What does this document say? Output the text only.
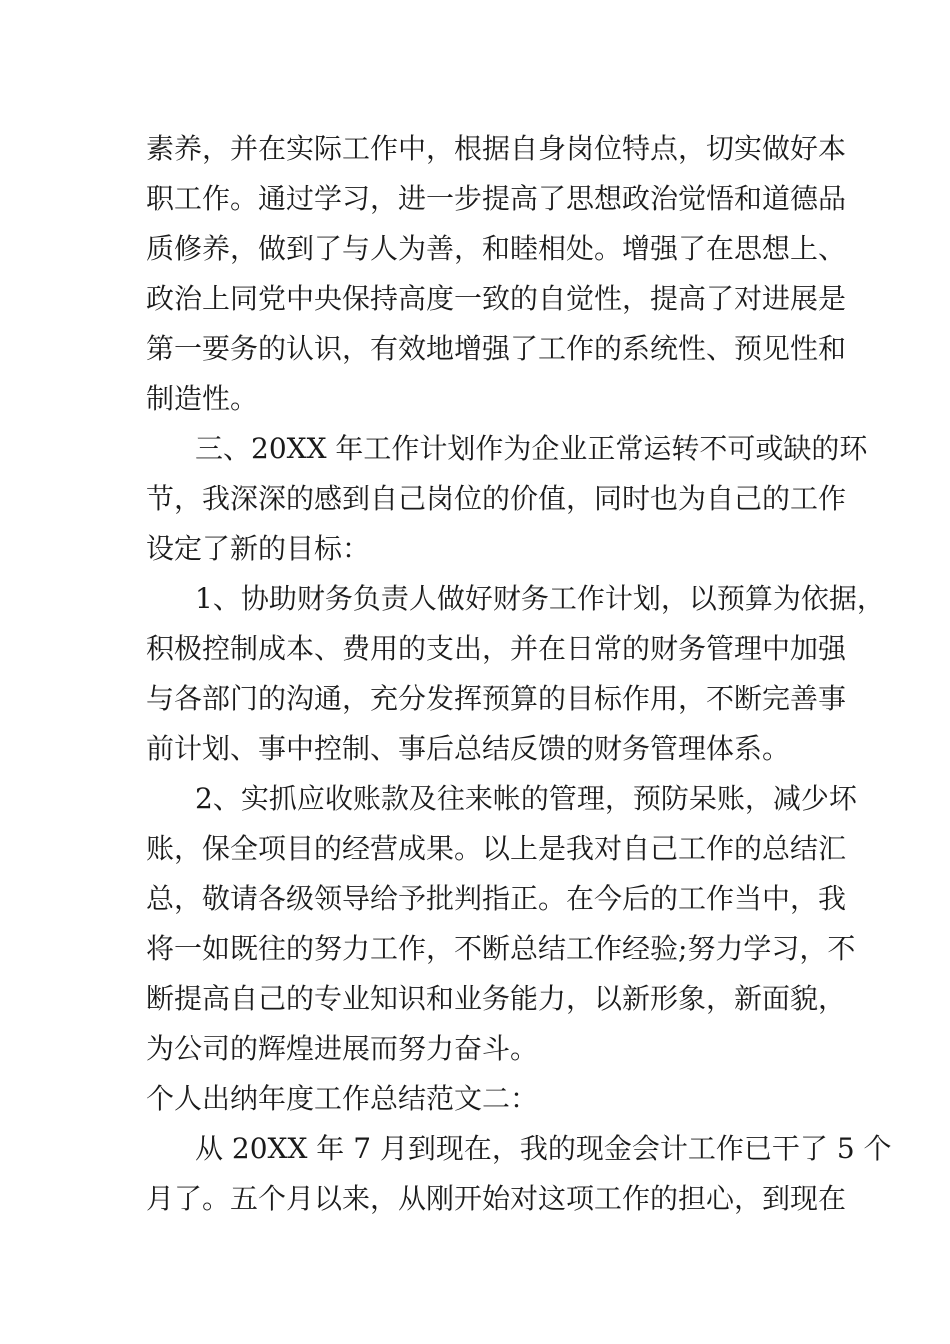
素养，并在实际工作中，根据自身岗位特点，切实做好本
职工作。通过学习，进一步提高了思想政治觉悟和道德品
质修养，做到了与人为善，和睦相处。增强了在思想上、
政治上同党中央保持高度一致的自觉性，提高了对进展是
第一要务的认识，有效地增强了工作的系统性、预见性和
制造性。
三、20XX 年工作计划作为企业正常运转不可或缺的环
节，我深深的感到自己岗位的价值，同时也为自己的工作
设定了新的目标：
1、协助财务负责人做好财务工作计划，以预算为依据，
积极控制成本、费用的支出，并在日常的财务管理中加强
与各部门的沟通，充分发挥预算的目标作用，不断完善事
前计划、事中控制、事后总结反馈的财务管理体系。
2、实抓应收账款及往来帐的管理，预防呆账，减少坏
账，保全项目的经营成果。以上是我对自己工作的总结汇
总，敬请各级领导给予批判指正。在今后的工作当中，我
将一如既往的努力工作，不断总结工作经验;努力学习，不
断提高自己的专业知识和业务能力，以新形象，新面貌，
为公司的辉煌进展而努力奋斗。
个人出纳年度工作总结范文二：
从 20XX 年 7 月到现在，我的现金会计工作已干了 5 个
月了。五个月以来，从刚开始对这项工作的担心，到现在
